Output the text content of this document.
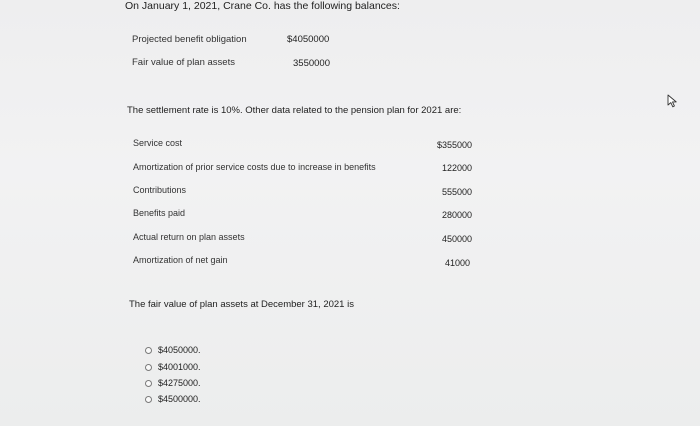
On January 1, 2021, Crane Co. has the following balances:
Projected benefit obligation	$4050000
Fair value of plan assets	3550000
The settlement rate is 10%. Other data related to the pension plan for 2021 are:
Service cost	$355000
Amortization of prior service costs due to increase in benefits	122000
Contributions	555000
Benefits paid	280000
Actual return on plan assets	450000
Amortization of net gain	41000
The fair value of plan assets at December 31, 2021 is
$4050000.
$4001000.
$4275000.
$4500000.
